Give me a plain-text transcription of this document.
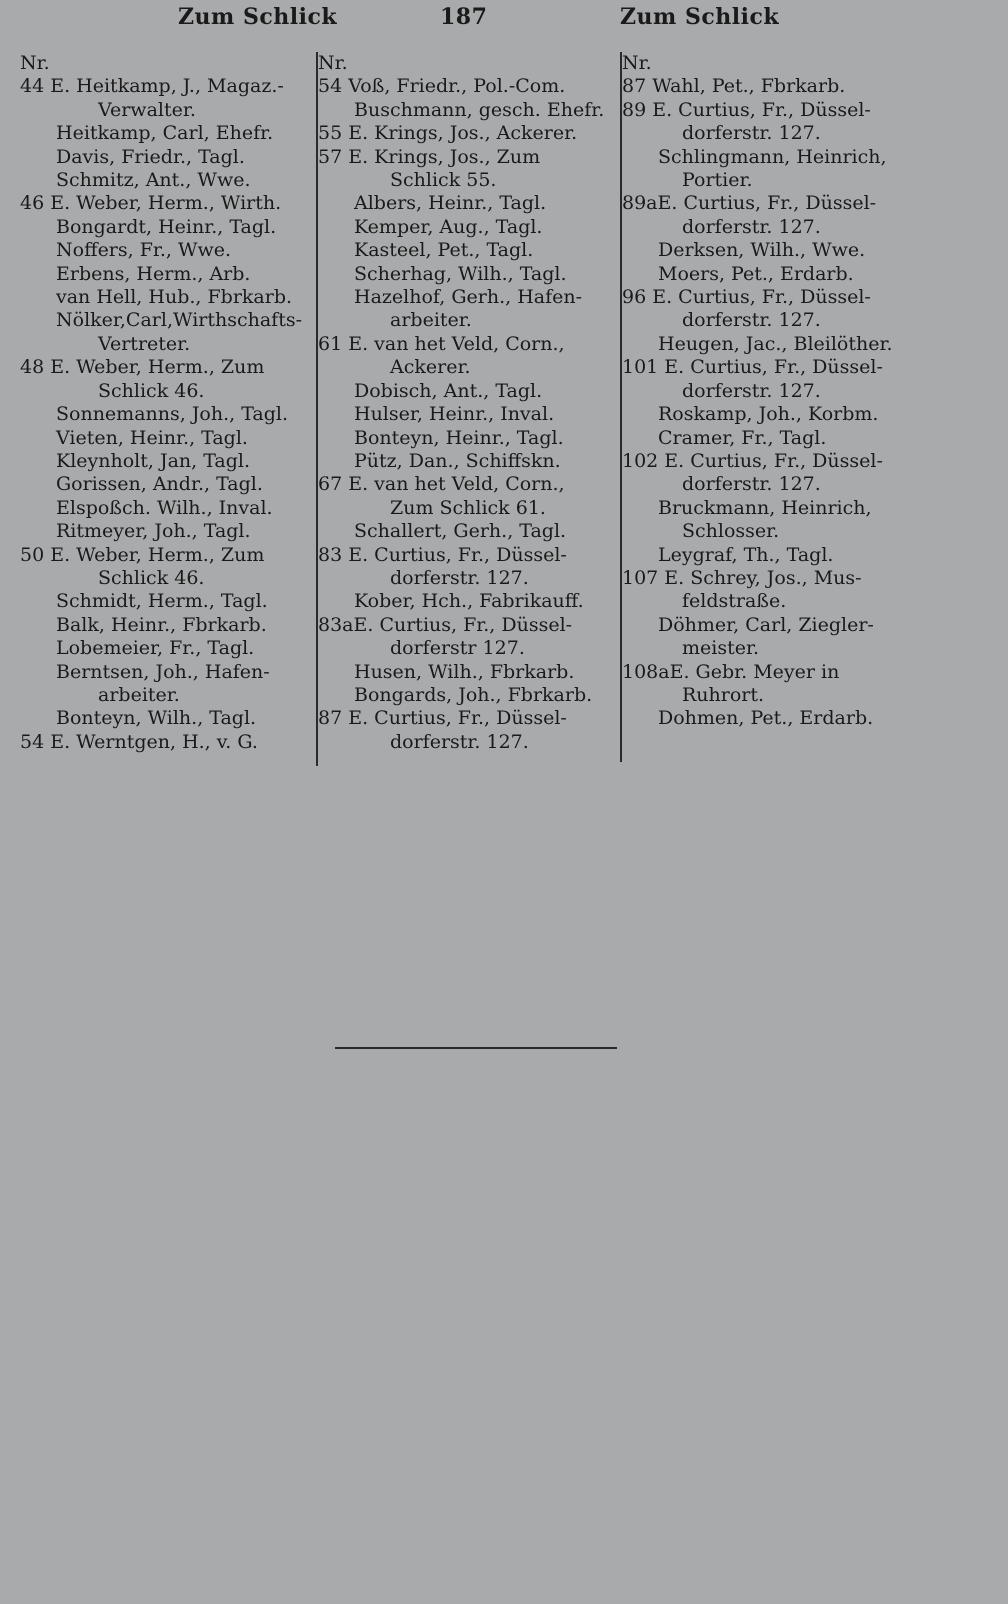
Zum Schlick	187	Zum Schlick
Nr.
44 E. Heitkamp, J., Magaz.-
Verwalter.
Heitkamp, Carl, Ehefr.
Davis, Friedr., Tagl.
Schmitz, Ant., Wwe.
46 E. Weber, Herm., Wirth.
Bongardt, Heinr., Tagl.
Noffers, Fr., Wwe.
Erbens, Herm., Arb.
van Hell, Hub., Fbrkarb.
Nölker,Carl,Wirthschafts-
Vertreter.
48 E. Weber, Herm., Zum
Schlick 46.
Sonnemanns, Joh., Tagl.
Vieten, Heinr., Tagl.
Kleynholt, Jan, Tagl.
Gorissen, Andr., Tagl.
Elspoßch. Wilh., Inval.
Ritmeyer, Joh., Tagl.
50 E. Weber, Herm., Zum
Schlick 46.
Schmidt, Herm., Tagl.
Balk, Heinr., Fbrkarb.
Lobemeier, Fr., Tagl.
Berntsen, Joh., Hafen-
arbeiter.
Bonteyn, Wilh., Tagl.
54 E. Werntgen, H., v. G.
Nr.
54 Voß, Friedr., Pol.-Com.
Buschmann, gesch. Ehefr.
55 E. Krings, Jos., Ackerer.
57 E. Krings, Jos., Zum
Schlick 55.
Albers, Heinr., Tagl.
Kemper, Aug., Tagl.
Kasteel, Pet., Tagl.
Scherhag, Wilh., Tagl.
Hazelhof, Gerh., Hafen-
arbeiter.
61 E. van het Veld, Corn.,
Ackerer.
Dobisch, Ant., Tagl.
Hulser, Heinr., Inval.
Bonteyn, Heinr., Tagl.
Pütz, Dan., Schiffskn.
67 E. van het Veld, Corn.,
Zum Schlick 61.
Schallert, Gerh., Tagl.
83 E. Curtius, Fr., Düssel-
dorferstr. 127.
Kober, Hch., Fabrikauff.
83aE. Curtius, Fr., Düssel-
dorferstr 127.
Husen, Wilh., Fbrkarb.
Bongards, Joh., Fbrkarb.
87 E. Curtius, Fr., Düssel-
dorferstr. 127.
Nr.
87 Wahl, Pet., Fbrkarb.
89 E. Curtius, Fr., Düssel-
dorferstr. 127.
Schlingmann, Heinrich,
Portier.
89aE. Curtius, Fr., Düssel-
dorferstr. 127.
Derksen, Wilh., Wwe.
Moers, Pet., Erdarb.
96 E. Curtius, Fr., Düssel-
dorferstr. 127.
Heugen, Jac., Bleilöther.
101 E. Curtius, Fr., Düssel-
dorferstr. 127.
Roskamp, Joh., Korbm.
Cramer, Fr., Tagl.
102 E. Curtius, Fr., Düssel-
dorferstr. 127.
Bruckmann, Heinrich,
Schlosser.
Leygraf, Th., Tagl.
107 E. Schrey, Jos., Mus-
feldstraße.
Döhmer, Carl, Ziegler-
meister.
108aE. Gebr. Meyer in
Ruhrort.
Dohmen, Pet., Erdarb.
